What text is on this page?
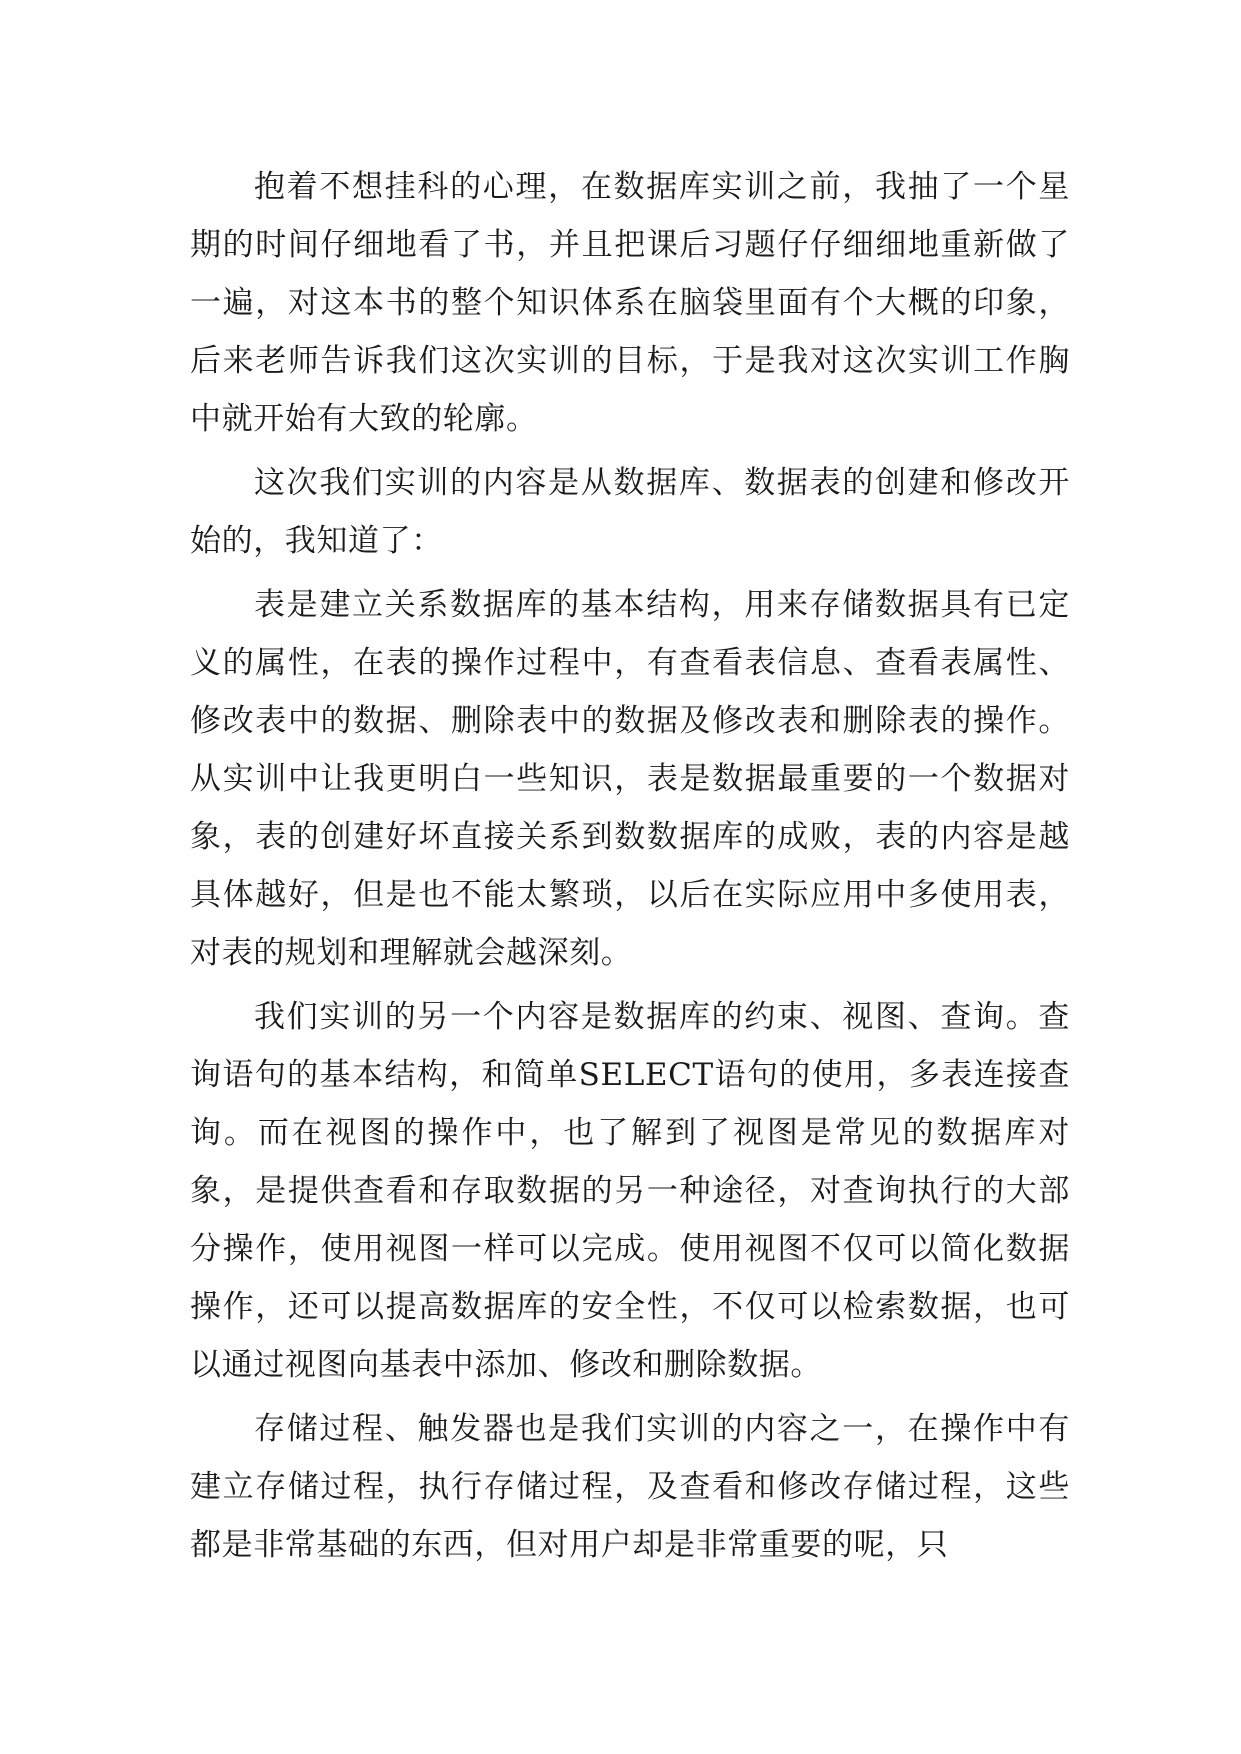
抱着不想挂科的心理，在数据库实训之前，我抽了一个星期的时间仔细地看了书，并且把课后习题仔仔细细地重新做了一遍，对这本书的整个知识体系在脑袋里面有个大概的印象，后来老师告诉我们这次实训的目标，于是我对这次实训工作胸中就开始有大致的轮廓。

这次我们实训的内容是从数据库、数据表的创建和修改开始的，我知道了：

表是建立关系数据库的基本结构，用来存储数据具有已定义的属性，在表的操作过程中，有查看表信息、查看表属性、修改表中的数据、删除表中的数据及修改表和删除表的操作。从实训中让我更明白一些知识，表是数据最重要的一个数据对象，表的创建好坏直接关系到数数据库的成败，表的内容是越具体越好，但是也不能太繁琐，以后在实际应用中多使用表，对表的规划和理解就会越深刻。

我们实训的另一个内容是数据库的约束、视图、查询。查询语句的基本结构，和简单SELECT语句的使用，多表连接查询。而在视图的操作中，也了解到了视图是常见的数据库对象，是提供查看和存取数据的另一种途径，对查询执行的大部分操作，使用视图一样可以完成。使用视图不仅可以简化数据操作，还可以提高数据库的安全性，不仅可以检索数据，也可以通过视图向基表中添加、修改和删除数据。

存储过程、触发器也是我们实训的内容之一，在操作中有建立存储过程，执行存储过程，及查看和修改存储过程，这些都是非常基础的东西，但对用户却是非常重要的呢，只
